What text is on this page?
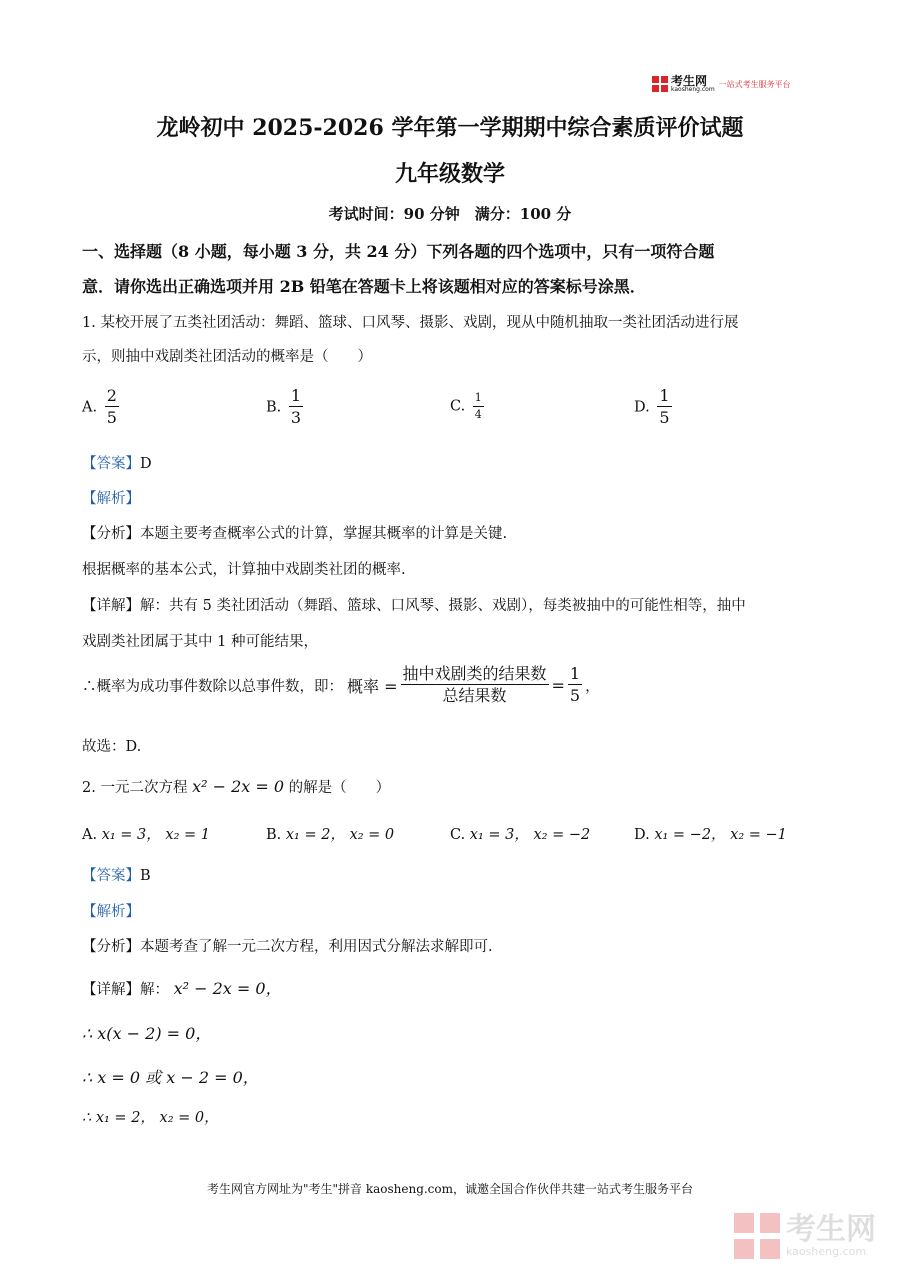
考生网
kaosheng.com
一站式考生服务平台
龙岭初中 2025-2026 学年第一学期期中综合素质评价试题
九年级数学
考试时间：90 分钟　满分：100 分
一、选择题（8 小题，每小题 3 分，共 24 分）下列各题的四个选项中，只有一项符合题
意．请你选出正确选项并用 2B 铅笔在答题卡上将该题相对应的答案标号涂黑．
1. 某校开展了五类社团活动：舞蹈、篮球、口风琴、摄影、戏剧，现从中随机抽取一类社团活动进行展
示，则抽中戏剧类社团活动的概率是（　　）
A. $\frac{2}{5}$	B. $\frac{1}{3}$	C. $\frac{1}{4}$	D. $\frac{1}{5}$
【答案】D
【解析】
【分析】本题主要考查概率公式的计算，掌握其概率的计算是关键.
根据概率的基本公式，计算抽中戏剧类社团的概率.
【详解】解：共有 5 类社团活动（舞蹈、篮球、口风琴、摄影、戏剧），每类被抽中的可能性相等，抽中
戏剧类社团属于其中 1 种可能结果，
∴概率为成功事件数除以总事件数，即： 概率 = $\frac{\text{抽中戏剧类的结果数}}{\text{总结果数}} = \frac{1}{5}$ ，
故选：D.
2. 一元二次方程 x² − 2x = 0 的解是（　　）
A. x₁ = 3， x₂ = 1	B. x₁ = 2， x₂ = 0	C. x₁ = 3， x₂ = −2	D. x₁ = −2， x₂ = −1
【答案】B
【解析】
【分析】本题考查了解一元二次方程，利用因式分解法求解即可.
【详解】解： x² − 2x = 0，
∴ x(x − 2) = 0，
∴ x = 0 或 x − 2 = 0，
∴ x₁ = 2， x₂ = 0，
考生网官方网址为"考生"拼音 kaosheng.com，诚邀全国合作伙伴共建一站式考生服务平台
考生网
kaosheng.com
